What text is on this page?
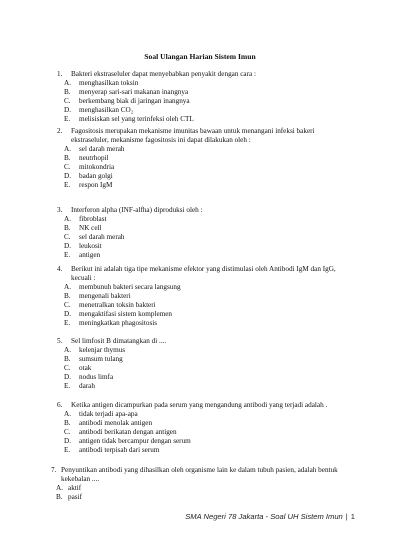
Soal Ulangan Harian Sistem Imun
1. Bakteri ekstraseluler dapat menyebabkan penyakit dengan cara :
A. menghasilkan toksin
B. menyerap sari-sari makanan inangnya
C. berkembang biak di jaringan inangnya
D. menghasilkan CO₂
E. melisiskan sel yang terinfeksi oleh CTL
2. Fagositosis merupakan mekanisme imunitas bawaan untuk menangani infeksi bakeri ekstraseluler, mekanisme fagositosis ini dapat dilakukan oleh :
A. sel darah merah
B. neutrhopil
C. mitokondria
D. badan golgi
E. respon IgM
3. Interferon alpha (INF-alfha) diproduksi oleh :
A. fibroblast
B. NK cell
C. sel darah merah
D. leukosit
E. antigen
4. Berikut ini adalah tiga tipe mekanisme efektor yang distimulasi oleh Antibodi IgM dan IgG, kecuali :
A. membunuh bakteri secara langsung
B. mengenali bakteri
C. menetralkan toksin bakteri
D. mengaktifasi sistem komplemen
E. meningkatkan phagositosis
5. Sel limfosit B dimatangkan di ....
A. kelenjar thymus
B. sumsum tulang
C. otak
D. nodus limfa
E. darah
6. Ketika antigen dicampurkan pada serum yang mengandung antibodi yang terjadi adalah .
A. tidak terjadi apa-apa
B. antibodi menolak antigen
C. antibodi berikatan dengan antigen
D. antigen tidak bercampur dengan serum
E. antibodi terpisah dari serum
7. Penyuntikan antibodi yang dihasilkan oleh organisme lain ke dalam tubuh pasien, adalah bentuk kekebalan ....
A. aktif
B. pasif
SMA Negeri 78 Jakarta - Soal UH Sistem Imun | 1
